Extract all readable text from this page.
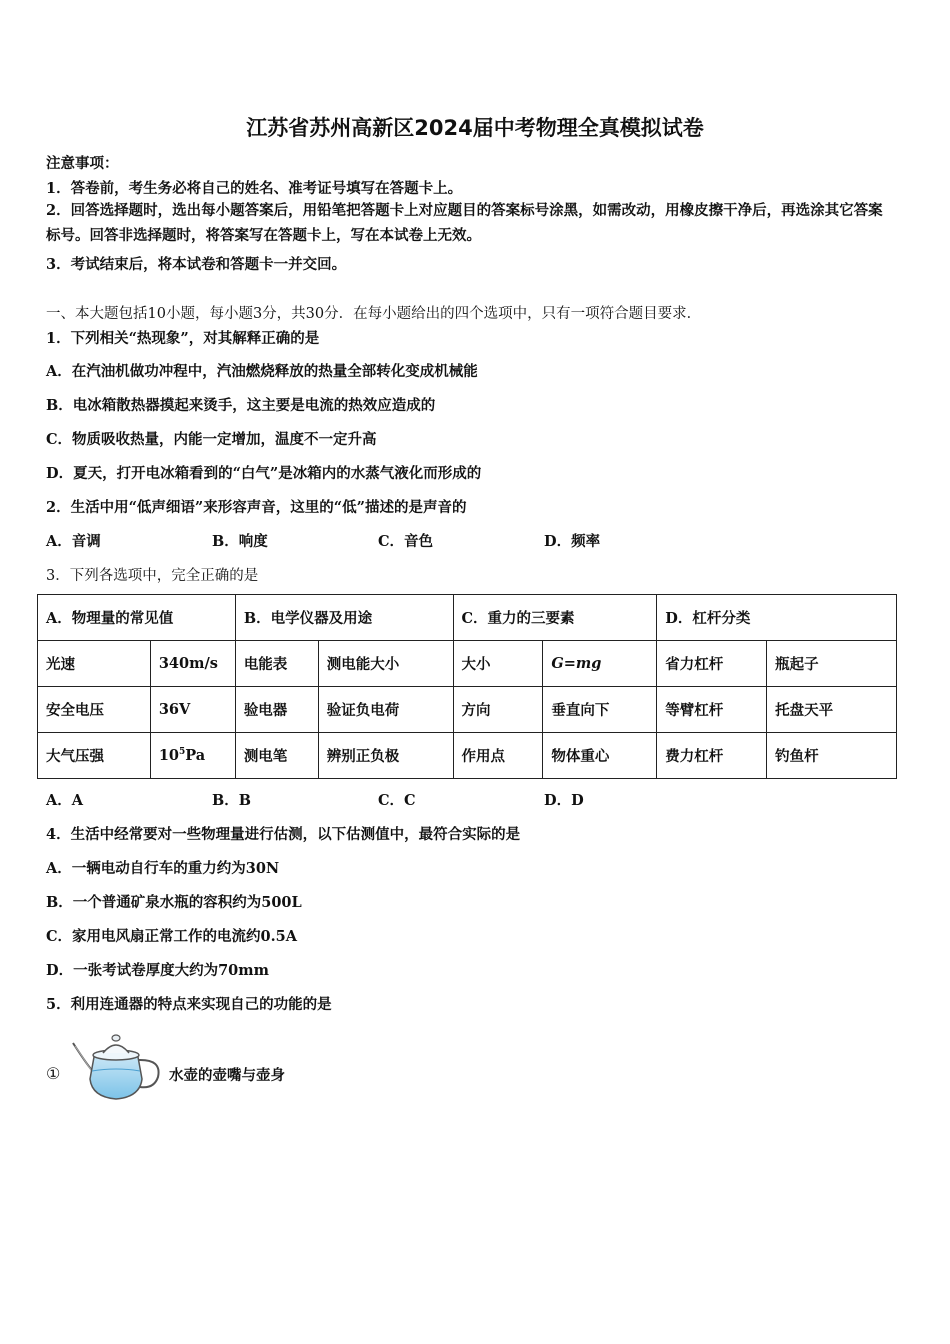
江苏省苏州高新区2024届中考物理全真模拟试卷
注意事项：
1．答卷前，考生务必将自己的姓名、准考证号填写在答题卡上。
2．回答选择题时，选出每小题答案后，用铅笔把答题卡上对应题目的答案标号涂黑，如需改动，用橡皮擦干净后，再选涂其它答案标号。回答非选择题时，将答案写在答题卡上，写在本试卷上无效。
3．考试结束后，将本试卷和答题卡一并交回。
一、本大题包括10小题，每小题3分，共30分．在每小题给出的四个选项中，只有一项符合题目要求．
1．下列相关“热现象”，对其解释正确的是
A．在汽油机做功冲程中，汽油燃烧释放的热量全部转化变成机械能
B．电冰箱散热器摸起来烫手，这主要是电流的热效应造成的
C．物质吸收热量，内能一定增加，温度不一定升高
D．夏天，打开电冰箱看到的“白气”是冰箱内的水蒸气液化而形成的
2．生活中用“低声细语”来形容声音，这里的“低”描述的是声音的
A．音调	B．响度	C．音色	D．频率
3．下列各选项中，完全正确的是
A．物理量的常见值		B．电学仪器及用途		C．重力的三要素		D．杠杆分类	
光速	340m/s	电能表	测电能大小	大小	G=mg	省力杠杆	瓶起子
安全电压	36V	验电器	验证负电荷	方向	垂直向下	等臂杠杆	托盘天平
大气压强	$10^5Pa$	测电笔	辨别正负极	作用点	物体重心	费力杠杆	钓鱼杆
A．A	B．B	C．C	D．D
4．生活中经常要对一些物理量进行估测，以下估测值中，最符合实际的是
A．一辆电动自行车的重力约为30N
B．一个普通矿泉水瓶的容积约为500L
C．家用电风扇正常工作的电流约0.5A
D．一张考试卷厚度大约为70mm
5．利用连通器的特点来实现自己的功能的是
①	水壶的壶嘴与壶身
